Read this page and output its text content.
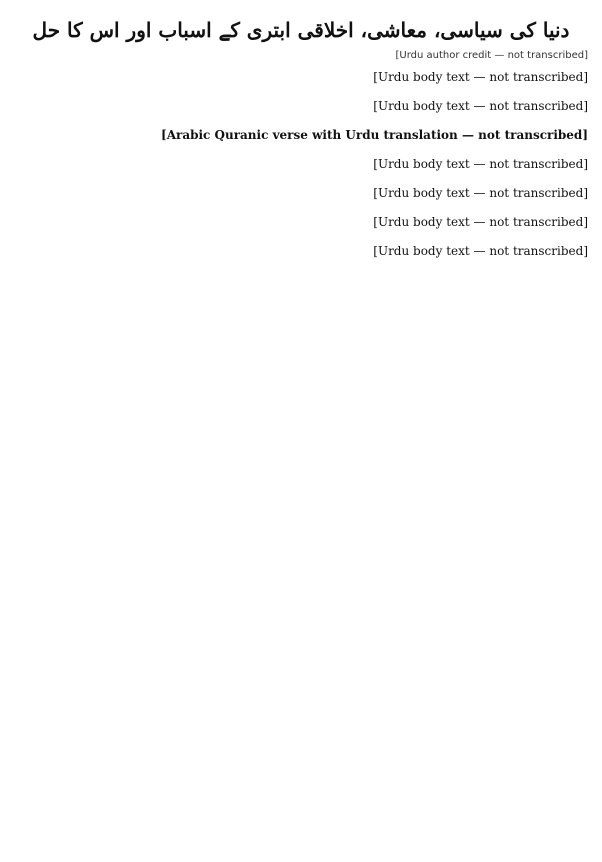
دنیا کی سیاسی، معاشی، اخلاقی ابتری کے اسباب اور اس کا حل
[Urdu author credit — not transcribed]

[Urdu body text — not transcribed]

[Urdu body text — not transcribed]

[Arabic Quranic verse with Urdu translation — not transcribed]

[Urdu body text — not transcribed]

[Urdu body text — not transcribed]

[Urdu body text — not transcribed]

[Urdu body text — not transcribed]
